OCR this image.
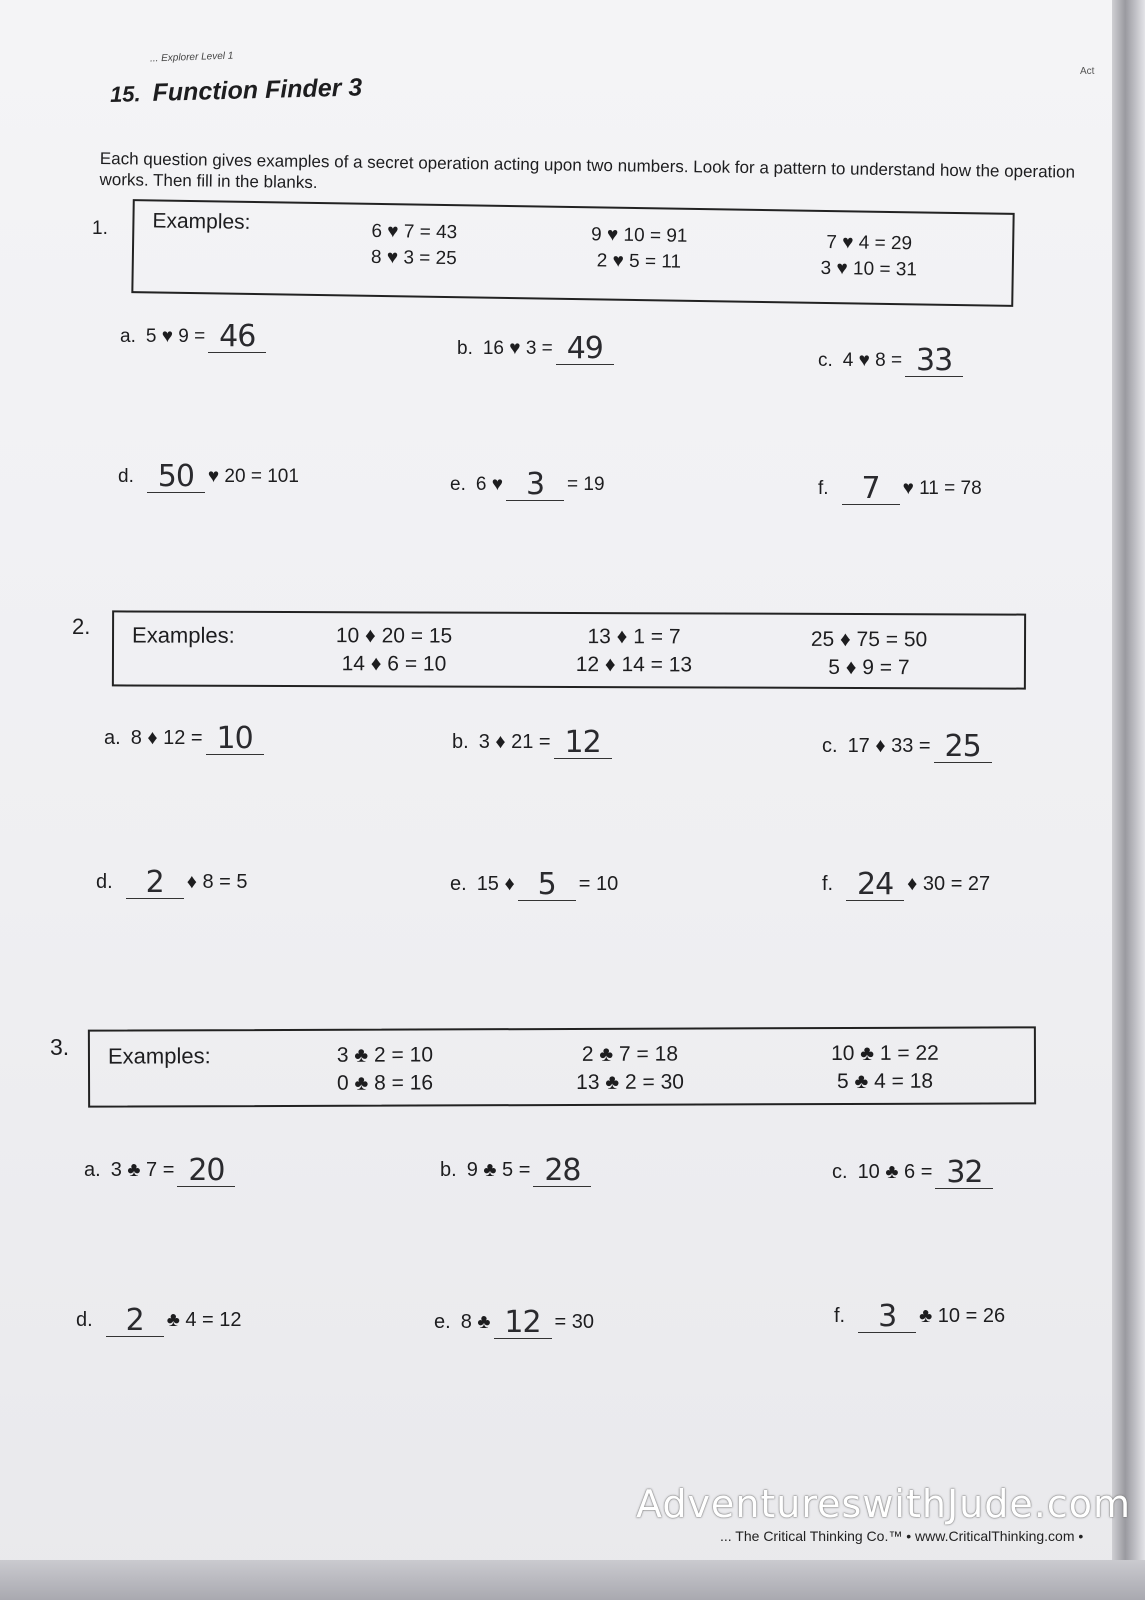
... Explorer Level 1
Act
15. Function Finder 3
Each question gives examples of a secret operation acting upon two numbers. Look for a pattern to understand how the operation works. Then fill in the blanks.
1. Examples:	6 ♥ 7 = 43
8 ♥ 3 = 25
9 ♥ 10 = 91
2 ♥ 5 = 11
7 ♥ 4 = 29
3 ♥ 10 = 31
a. 5 ♥ 9 = 46	b. 16 ♥ 3 = 49	c. 4 ♥ 8 = 33
d. 50 ♥ 20 = 101	e. 6 ♥ 3 = 19	f. 7 ♥ 11 = 78
2. Examples:	10 ♦ 20 = 15
14 ♦ 6 = 10
13 ♦ 1 = 7
12 ♦ 14 = 13
25 ♦ 75 = 50
5 ♦ 9 = 7
a. 8 ♦ 12 = 10	b. 3 ♦ 21 = 12	c. 17 ♦ 33 = 25
d. 2 ♦ 8 = 5	e. 15 ♦ 5 = 10	f. 24 ♦ 30 = 27
3. Examples:	3 ♣ 2 = 10
0 ♣ 8 = 16
2 ♣ 7 = 18
13 ♣ 2 = 30
10 ♣ 1 = 22
5 ♣ 4 = 18
a. 3 ♣ 7 = 20	b. 9 ♣ 5 = 28	c. 10 ♣ 6 = 32
d. 2 ♣ 4 = 12	e. 8 ♣ 12 = 30	f. 3 ♣ 10 = 26
AdventureswithJude.com
... The Critical Thinking Co.™ • www.CriticalThinking.com •
